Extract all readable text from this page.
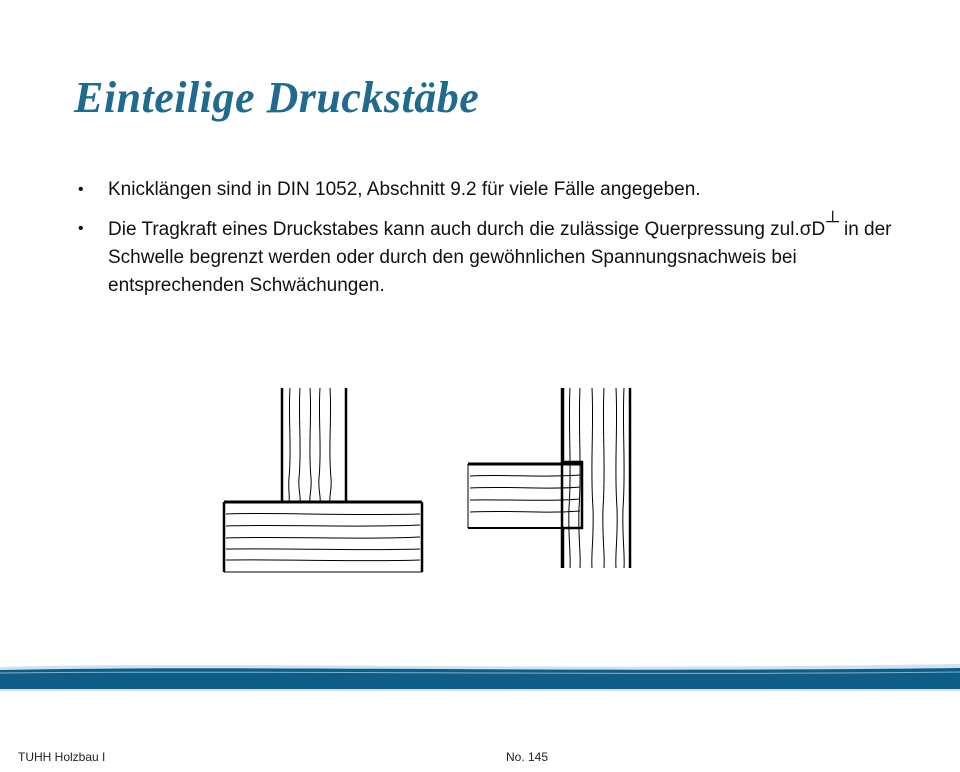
Einteilige Druckstäbe
• Knicklängen sind in DIN 1052, Abschnitt 9.2 für viele Fälle angegeben.
• Die Tragkraft eines Druckstabes kann auch durch die zulässige Querpressung zul.σD┴ in der Schwelle begrenzt werden oder durch den gewöhnlichen Spannungsnachweis bei entsprechenden Schwächungen.
TUHH Holzbau I	No. 145
